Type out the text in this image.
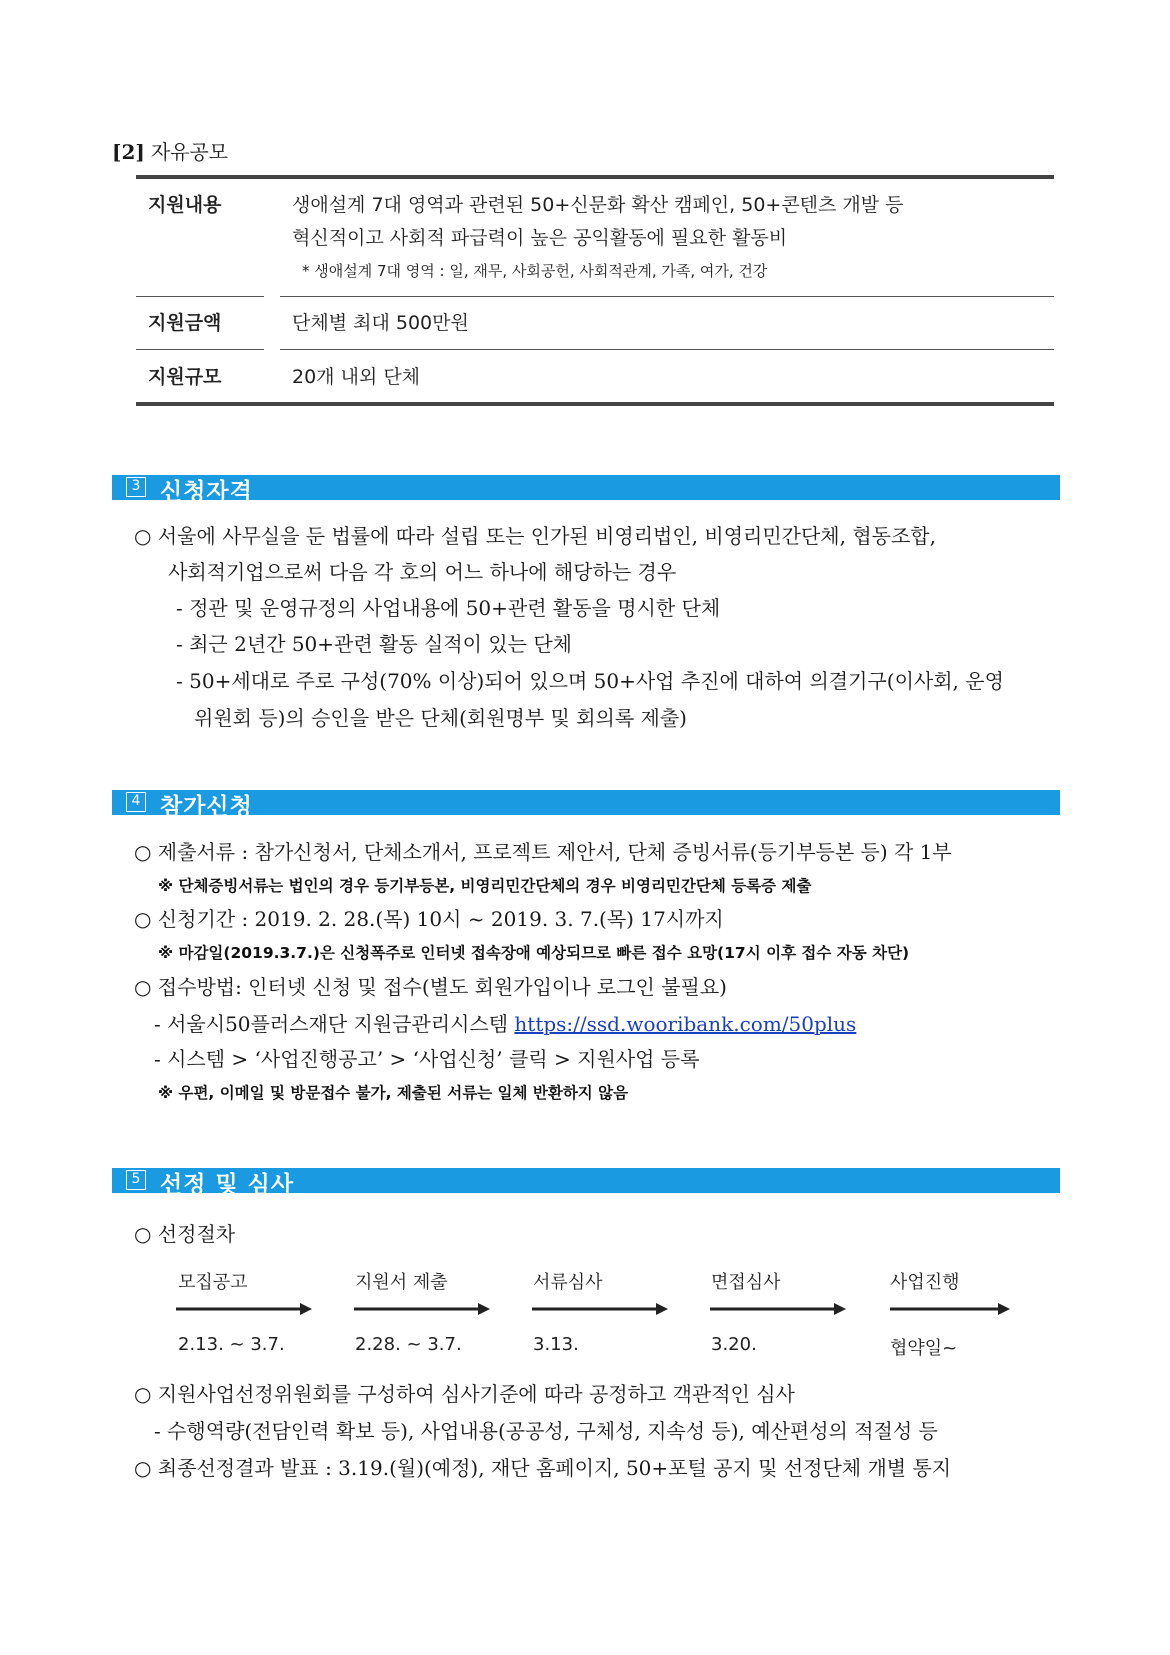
[2] 자유공모
지원내용	생애설계 7대 영역과 관련된 50+신문화 확산 캠페인, 50+콘텐츠 개발 등
혁신적이고 사회적 파급력이 높은 공익활동에 필요한 활동비
* 생애설계 7대 영역 : 일, 재무, 사회공헌, 사회적관계, 가족, 여가, 건강
지원금액	단체별 최대 500만원
지원규모	20개 내외 단체
3 신청자격
○ 서울에 사무실을 둔 법률에 따라 설립 또는 인가된 비영리법인, 비영리민간단체, 협동조합,
사회적기업으로써 다음 각 호의 어느 하나에 해당하는 경우
- 정관 및 운영규정의 사업내용에 50+관련 활동을 명시한 단체
- 최근 2년간 50+관련 활동 실적이 있는 단체
- 50+세대로 주로 구성(70% 이상)되어 있으며 50+사업 추진에 대하여 의결기구(이사회, 운영
위원회 등)의 승인을 받은 단체(회원명부 및 회의록 제출)
4 참가신청
○ 제출서류 : 참가신청서, 단체소개서, 프로젝트 제안서, 단체 증빙서류(등기부등본 등) 각 1부
※ 단체증빙서류는 법인의 경우 등기부등본, 비영리민간단체의 경우 비영리민간단체 등록증 제출
○ 신청기간 : 2019. 2. 28.(목) 10시 ~ 2019. 3. 7.(목) 17시까지
※ 마감일(2019.3.7.)은 신청폭주로 인터넷 접속장애 예상되므로 빠른 접수 요망(17시 이후 접수 자동 차단)
○ 접수방법: 인터넷 신청 및 접수(별도 회원가입이나 로그인 불필요)
- 서울시50플러스재단 지원금관리시스템 https://ssd.wooribank.com/50plus
- 시스템 > ‘사업진행공고’ > ‘사업신청’ 클릭 > 지원사업 등록
※ 우편, 이메일 및 방문접수 불가, 제출된 서류는 일체 반환하지 않음
5 선정 및 심사
○ 선정절차
모집공고	지원서 제출	서류심사	면접심사	사업진행
2.13. ~ 3.7.	2.28. ~ 3.7.	3.13.	3.20.	협약일~
○ 지원사업선정위원회를 구성하여 심사기준에 따라 공정하고 객관적인 심사
- 수행역량(전담인력 확보 등), 사업내용(공공성, 구체성, 지속성 등), 예산편성의 적절성 등
○ 최종선정결과 발표 : 3.19.(월)(예정), 재단 홈페이지, 50+포털 공지 및 선정단체 개별 통지
